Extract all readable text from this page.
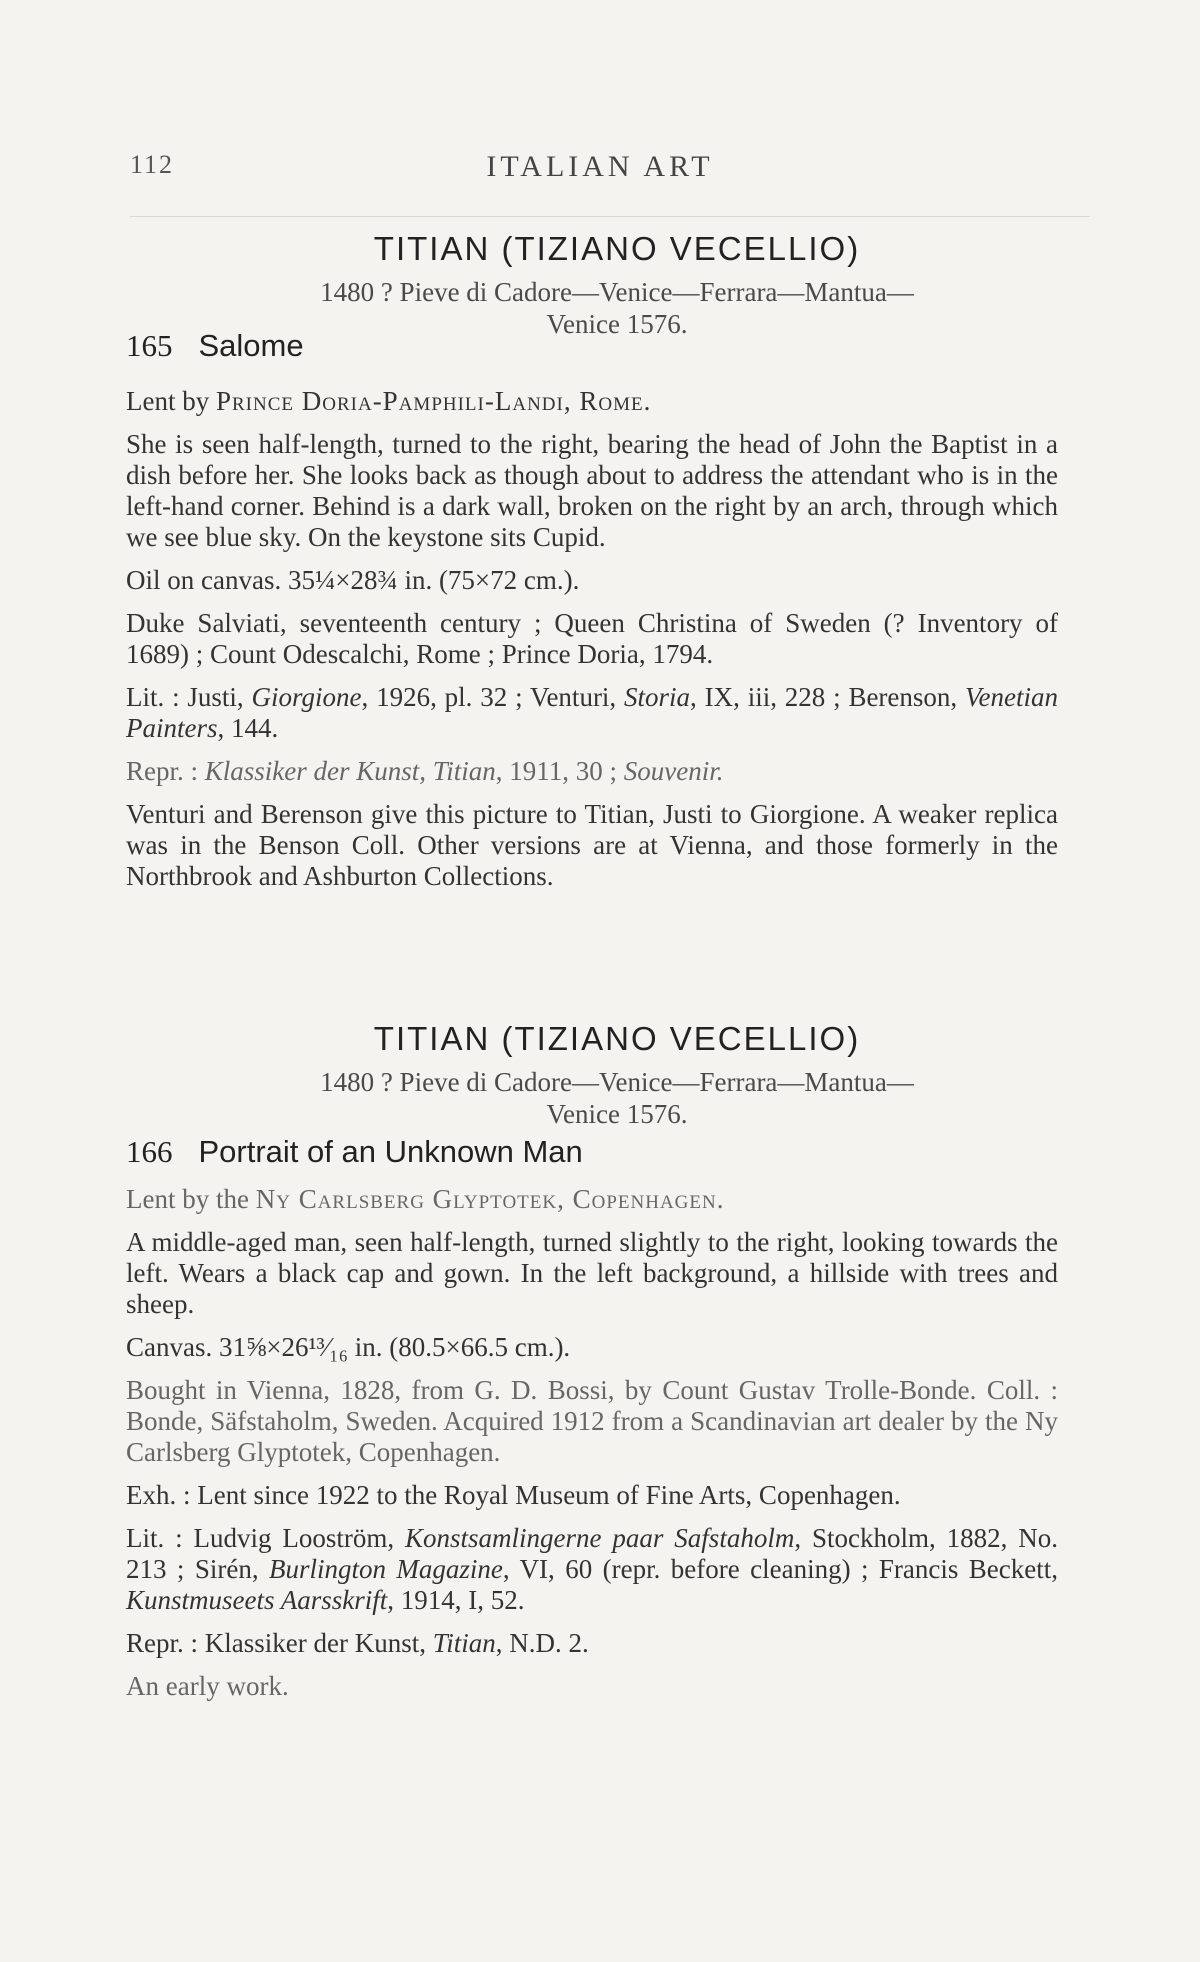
112	ITALIAN ART
TITIAN (TIZIANO VECELLIO)
1480 ? Pieve di Cadore—Venice—Ferrara—Mantua—
Venice 1576.
165 Salome

Lent by Prince Doria-Pamphili-Landi, Rome.

She is seen half-length, turned to the right, bearing the head of John the Baptist in a dish before her. She looks back as though about to address the attendant who is in the left-hand corner. Behind is a dark wall, broken on the right by an arch, through which we see blue sky. On the keystone sits Cupid.

Oil on canvas. 35¼×28¾ in. (75×72 cm.).

Duke Salviati, seventeenth century ; Queen Christina of Sweden (? Inventory of 1689) ; Count Odescalchi, Rome ; Prince Doria, 1794.

Lit. : Justi, Giorgione, 1926, pl. 32 ; Venturi, Storia, IX, iii, 228 ; Berenson, Venetian Painters, 144.

Repr. : Klassiker der Kunst, Titian, 1911, 30 ; Souvenir.

Venturi and Berenson give this picture to Titian, Justi to Giorgione. A weaker replica was in the Benson Coll. Other versions are at Vienna, and those formerly in the Northbrook and Ashburton Collections.

TITIAN (TIZIANO VECELLIO)
1480 ? Pieve di Cadore—Venice—Ferrara—Mantua—
Venice 1576.
166 Portrait of an Unknown Man

Lent by the Ny Carlsberg Glyptotek, Copenhagen.

A middle-aged man, seen half-length, turned slightly to the right, looking towards the left. Wears a black cap and gown. In the left background, a hillside with trees and sheep.

Canvas. 31⅝×26¹³⁄₁₆ in. (80.5×66.5 cm.).

Bought in Vienna, 1828, from G. D. Bossi, by Count Gustav Trolle-Bonde. Coll. : Bonde, Säfstaholm, Sweden. Acquired 1912 from a Scandinavian art dealer by the Ny Carlsberg Glyptotek, Copenhagen.

Exh. : Lent since 1922 to the Royal Museum of Fine Arts, Copenhagen.

Lit. : Ludvig Looström, Konstsamlingerne paar Safstaholm, Stockholm, 1882, No. 213 ; Sirén, Burlington Magazine, VI, 60 (repr. before cleaning) ; Francis Beckett, Kunstmuseets Aarsskrift, 1914, I, 52.

Repr. : Klassiker der Kunst, Titian, N.D. 2.

An early work.
